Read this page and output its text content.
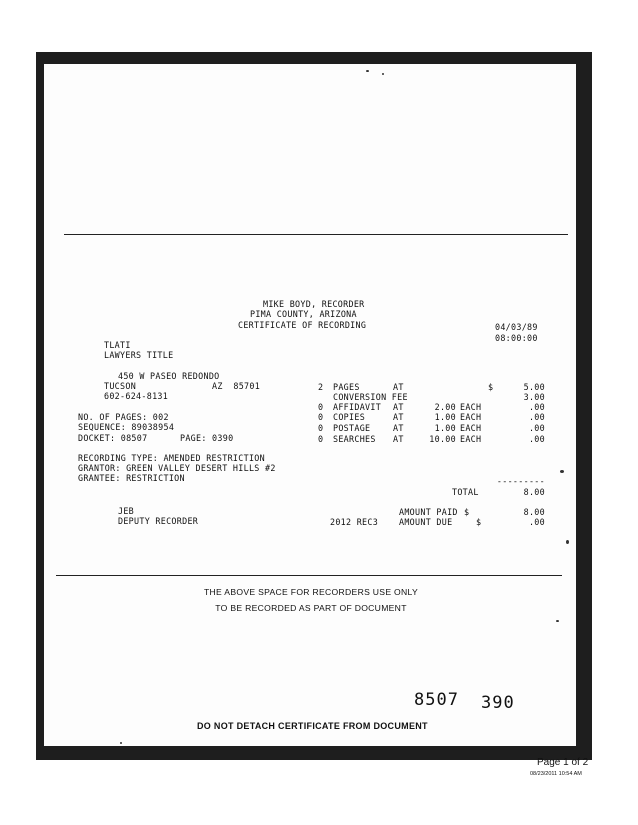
MIKE BOYD, RECORDER
PIMA COUNTY, ARIZONA
CERTIFICATE OF RECORDING	04/03/89
08:00:00
TLATI
LAWYERS TITLE
450 W PASEO REDONDO
TUCSON	AZ  85701
602-624-8131
2 PAGES	AT	$	5.00
CONVERSION FEE	3.00
0 AFFIDAVIT AT	2.00 EACH	.00
0 COPIES	AT	1.00 EACH	.00
0 POSTAGE	AT	1.00 EACH	.00
0 SEARCHES AT	10.00 EACH	.00
NO. OF PAGES: 002
SEQUENCE: 89038954
DOCKET: 08507	PAGE: 0390
RECORDING TYPE: AMENDED RESTRICTION
GRANTOR: GREEN VALLEY DESERT HILLS #2
GRANTEE: RESTRICTION	---------
TOTAL	8.00
JEB
DEPUTY RECORDER
AMOUNT PAID $	8.00
2012 REC3 AMOUNT DUE	$	.00
THE ABOVE SPACE FOR RECORDERS USE ONLY
TO BE RECORDED AS PART OF DOCUMENT
8507 390
DO NOT DETACH CERTIFICATE FROM DOCUMENT
Page 1 of 2
08/23/2011 10:54 AM
